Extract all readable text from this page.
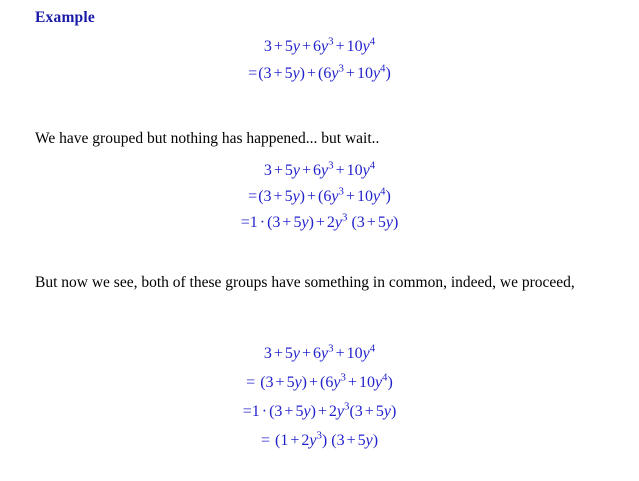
Example
$3 + 5y + 6y^3 + 10y^4$
$=(3 + 5y) + (6y^3 + 10y^4)$
We have grouped but nothing has happened... but wait..
$3 + 5y + 6y^3 + 10y^4$
$=(3 + 5y) + (6y^3 + 10y^4)$
$=1 \cdot (3 + 5y) + 2y^3$ (3 + 5y)
But now we see, both of these groups have something in common, indeed, we proceed,
$3 + 5y + 6y^3 + 10y^4$
= $(3 + 5y) + (6y^3 + 10y^4)$
$=1 \cdot (3 + 5y) + 2y^3(3 + 5y)$
= $(1 + 2y^3)$ (3 + 5y)
